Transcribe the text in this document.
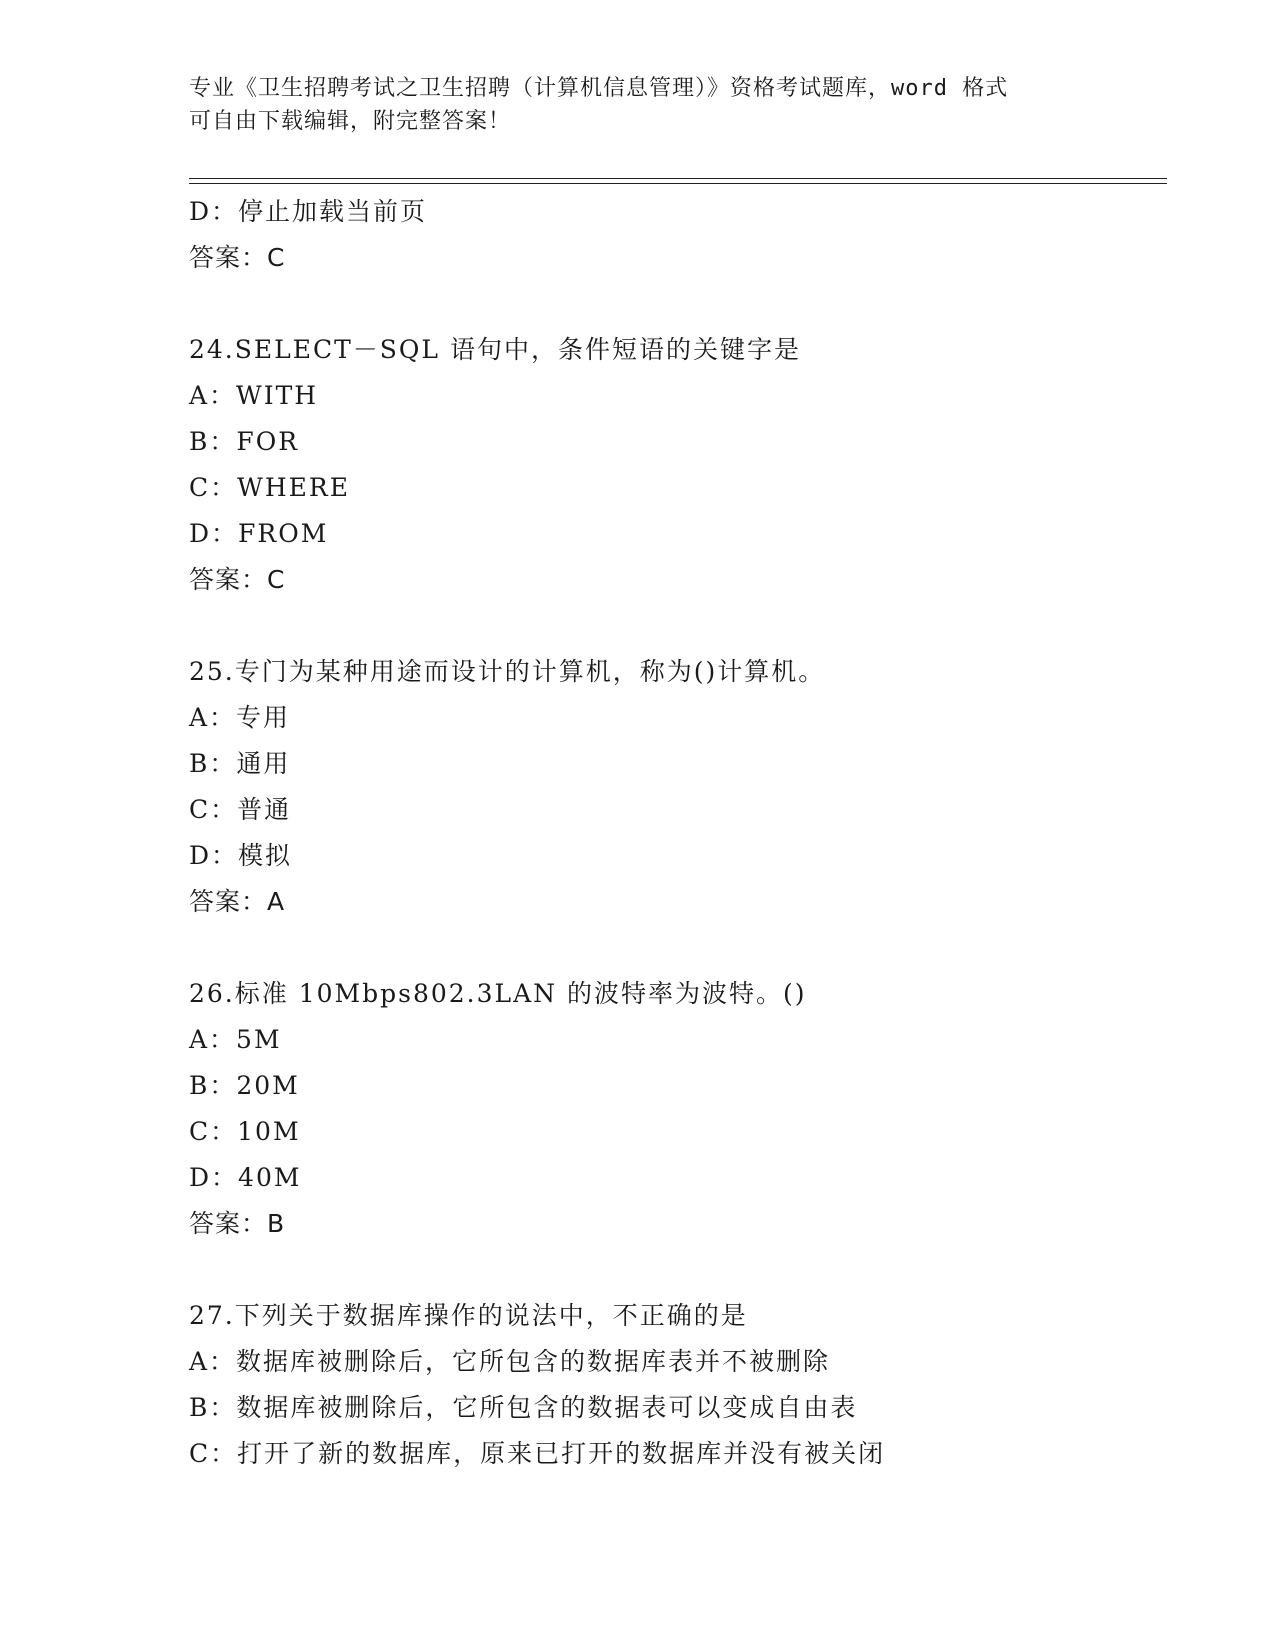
专业《卫生招聘考试之卫生招聘（计算机信息管理）》资格考试题库，word 格式
可自由下载编辑，附完整答案！
D：停止加载当前页
答案：C
24.SELECT－SQL 语句中，条件短语的关键字是
A：WITH
B：FOR
C：WHERE
D：FROM
答案：C
25.专门为某种用途而设计的计算机，称为()计算机。
A：专用
B：通用
C：普通
D：模拟
答案：A
26.标准 10Mbps802.3LAN 的波特率为波特。()
A：5M
B：20M
C：10M
D：40M
答案：B
27.下列关于数据库操作的说法中，不正确的是
A：数据库被删除后，它所包含的数据库表并不被删除
B：数据库被删除后，它所包含的数据表可以变成自由表
C：打开了新的数据库，原来已打开的数据库并没有被关闭
